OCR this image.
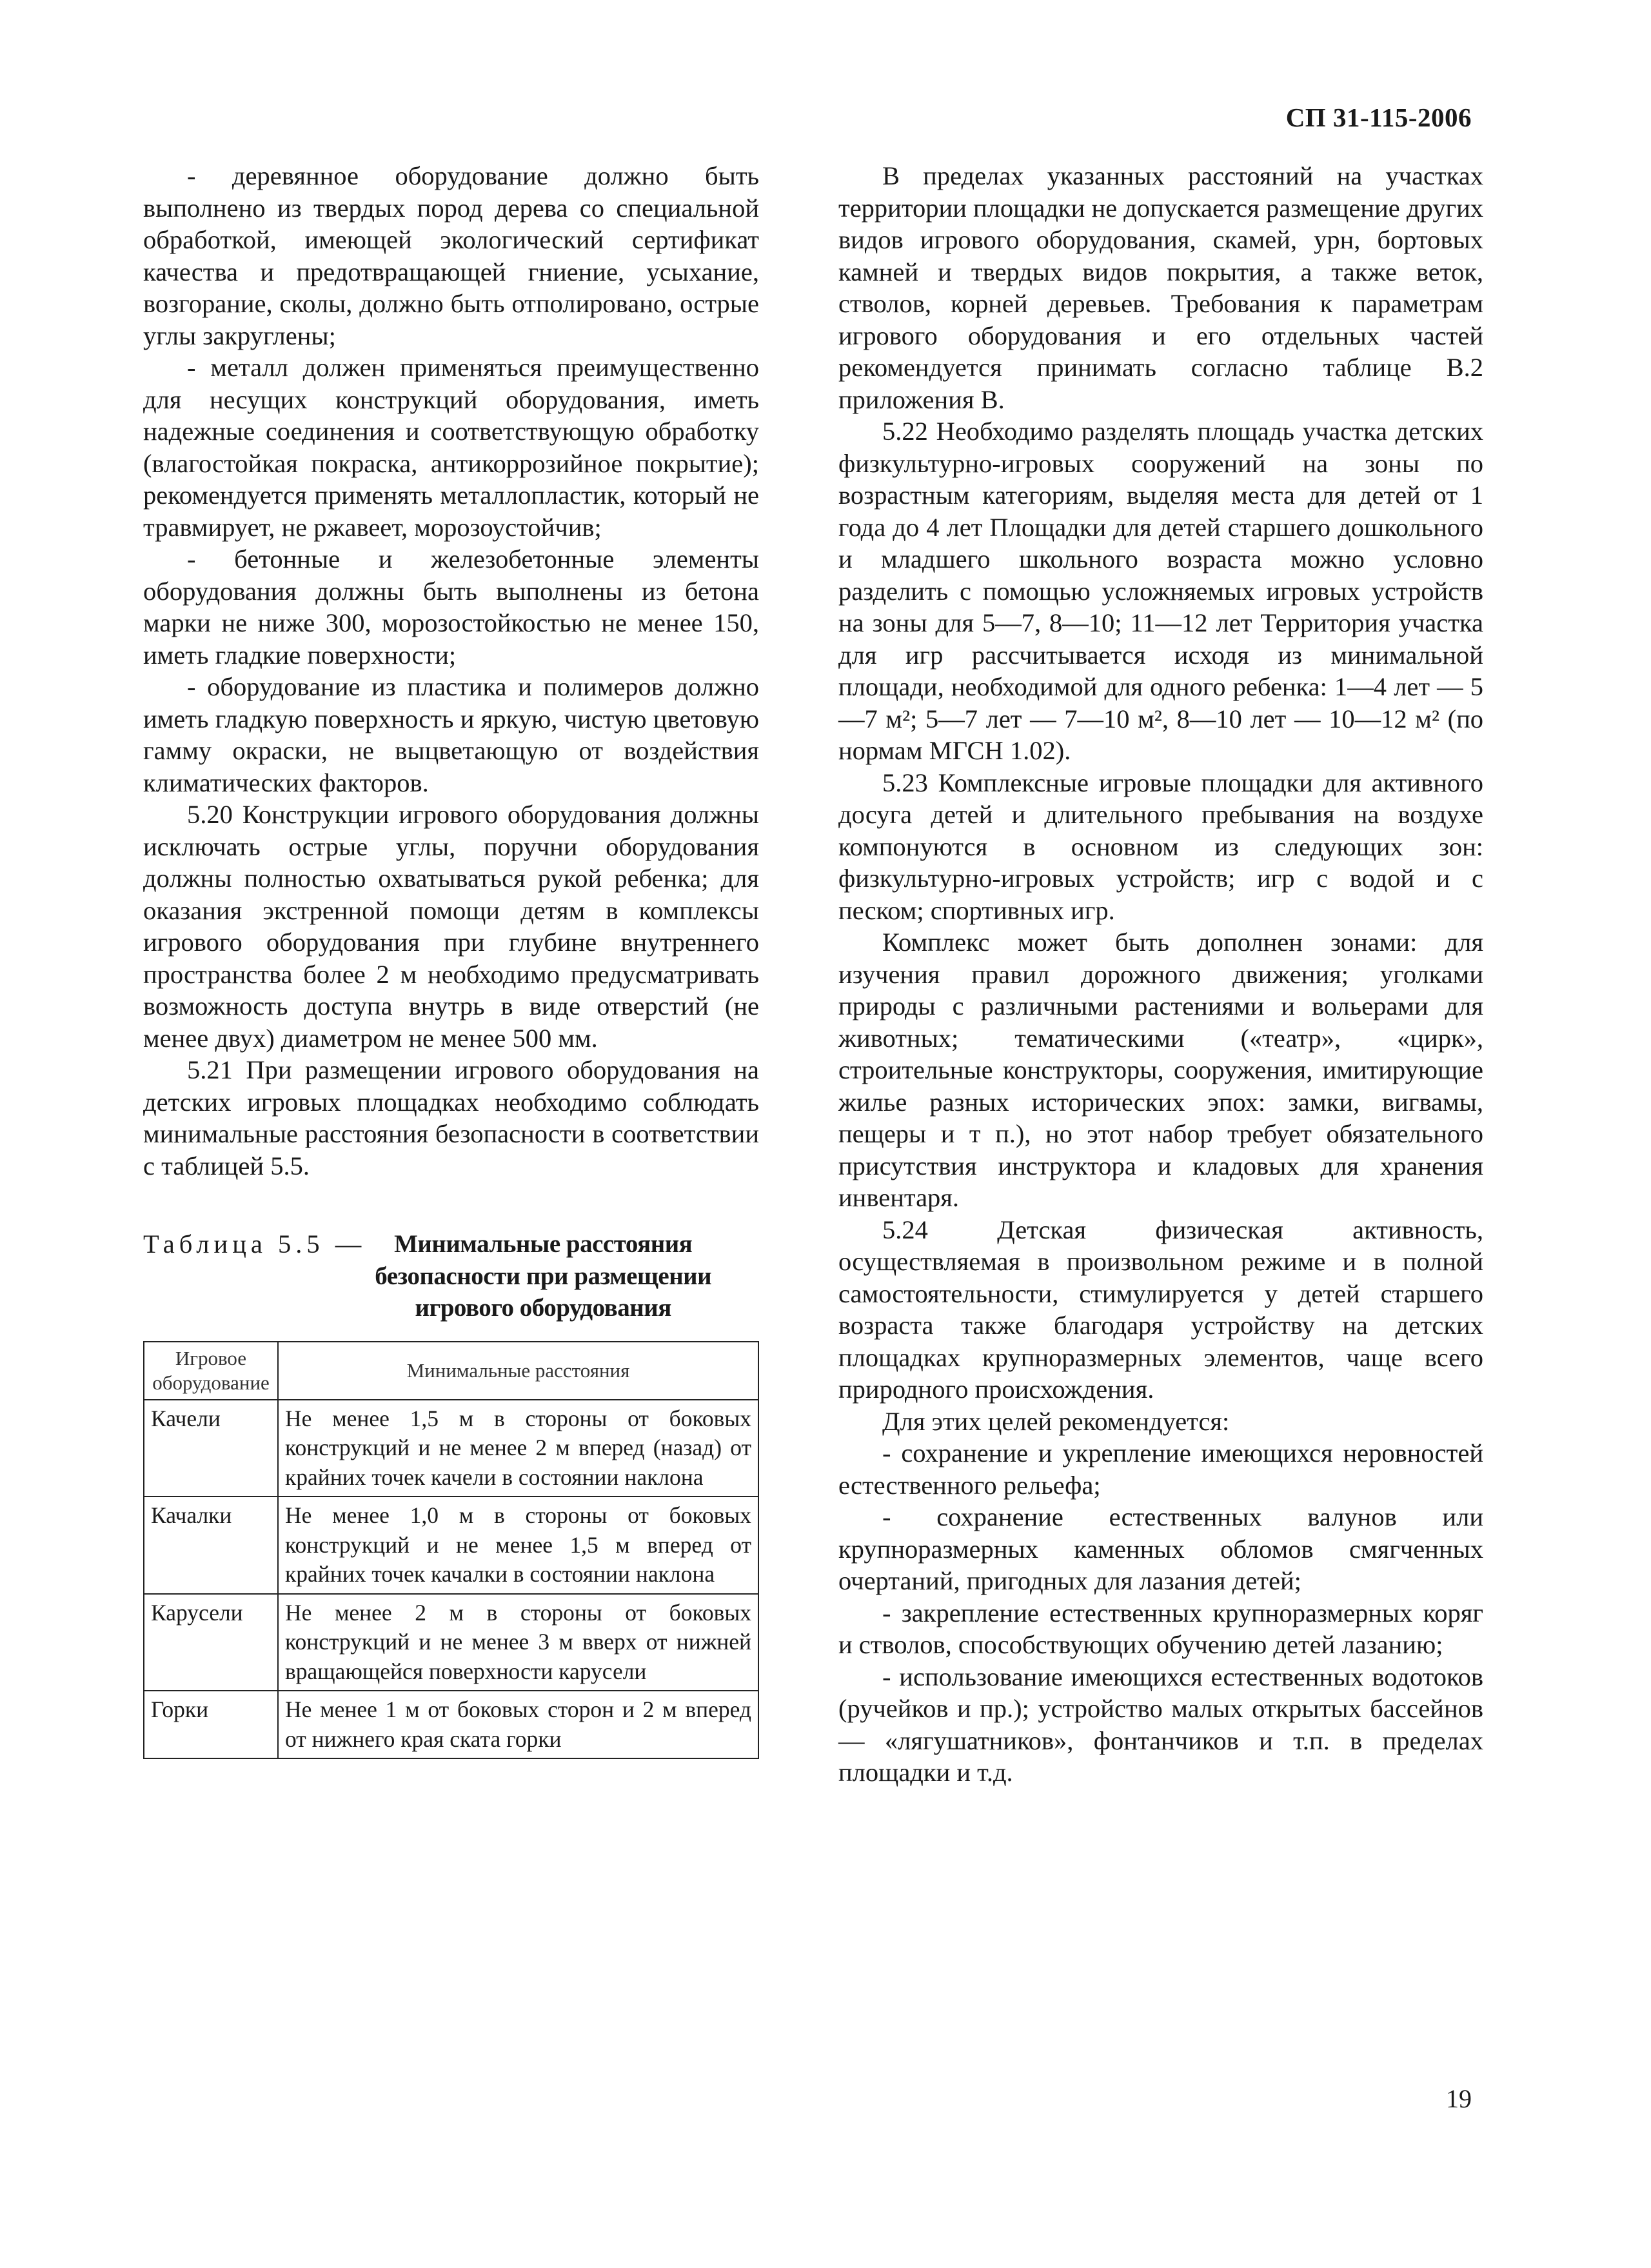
СП 31-115-2006

- деревянное оборудование должно быть выполнено из твердых пород дерева со специальной обработкой, имеющей экологический сертификат качества и предотвращающей гниение, усыхание, возгорание, сколы, должно быть отполировано, острые углы закруглены;

- металл должен применяться преимущественно для несущих конструкций оборудования, иметь надежные соединения и соответствующую обработку (влагостойкая покраска, антикоррозийное покрытие); рекомендуется применять металлопластик, который не травмирует, не ржавеет, морозоустойчив;

- бетонные и железобетонные элементы оборудования должны быть выполнены из бетона марки не ниже 300, морозостойкостью не менее 150, иметь гладкие поверхности;

- оборудование из пластика и полимеров должно иметь гладкую поверхность и яркую, чистую цветовую гамму окраски, не выцветающую от воздействия климатических факторов.

5.20 Конструкции игрового оборудования должны исключать острые углы, поручни оборудования должны полностью охватываться рукой ребенка; для оказания экстренной помощи детям в комплексы игрового оборудования при глубине внутреннего пространства более 2 м необходимо предусматривать возможность доступа внутрь в виде отверстий (не менее двух) диаметром не менее 500 мм.

5.21 При размещении игрового оборудования на детских игровых площадках необходимо соблюдать минимальные расстояния безопасности в соответствии с таблицей 5.5.

Таблица 5.5 —	Минимальные расстояния
безопасности при размещении
игрового оборудования
Игровое оборудование	Минимальные расстояния
Качели	Не менее 1,5 м в стороны от боковых конструкций и не менее 2 м вперед (назад) от крайних точек качели в состоянии наклона
Качалки	Не менее 1,0 м в стороны от боковых конструкций и не менее 1,5 м вперед от крайних точек качалки в состоянии наклона
Карусели	Не менее 2 м в стороны от боковых конструкций и не менее 3 м вверх от нижней вращающейся поверхности карусели
Горки	Не менее 1 м от боковых сторон и 2 м вперед от нижнего края ската горки

В пределах указанных расстояний на участках территории площадки не допускается размещение других видов игрового оборудования, скамей, урн, бортовых камней и твердых видов покрытия, а также веток, стволов, корней деревьев. Требования к параметрам игрового оборудования и его отдельных частей рекомендуется принимать согласно таблице В.2 приложения В.

5.22 Необходимо разделять площадь участка детских физкультурно-игровых сооружений на зоны по возрастным категориям, выделяя места для детей от 1 года до 4 лет Площадки для детей старшего дошкольного и младшего школьного возраста можно условно разделить с помощью усложняемых игровых устройств на зоны для 5—7, 8—10; 11—12 лет Территория участка для игр рассчитывается исходя из минимальной площади, необходимой для одного ребенка: 1—4 лет — 5—7 м²; 5—7 лет — 7—10 м², 8—10 лет — 10—12 м² (по нормам МГСН 1.02).

5.23 Комплексные игровые площадки для активного досуга детей и длительного пребывания на воздухе компонуются в основном из следующих зон: физкультурно-игровых устройств; игр с водой и с песком; спортивных игр.

Комплекс может быть дополнен зонами: для изучения правил дорожного движения; уголками природы с различными растениями и вольерами для животных; тематическими («театр», «цирк», строительные конструкторы, сооружения, имитирующие жилье разных исторических эпох: замки, вигвамы, пещеры и т п.), но этот набор требует обязательного присутствия инструктора и кладовых для хранения инвентаря.

5.24 Детская физическая активность, осуществляемая в произвольном режиме и в полной самостоятельности, стимулируется у детей старшего возраста также благодаря устройству на детских площадках крупноразмерных элементов, чаще всего природного происхождения.

Для этих целей рекомендуется:

- сохранение и укрепление имеющихся неровностей естественного рельефа;

- сохранение естественных валунов или крупноразмерных каменных обломов смягченных очертаний, пригодных для лазания детей;

- закрепление естественных крупноразмерных коряг и стволов, способствующих обучению детей лазанию;

- использование имеющихся естественных водотоков (ручейков и пр.); устройство малых открытых бассейнов — «лягушатников», фонтанчиков и т.п. в пределах площадки и т.д.

19
